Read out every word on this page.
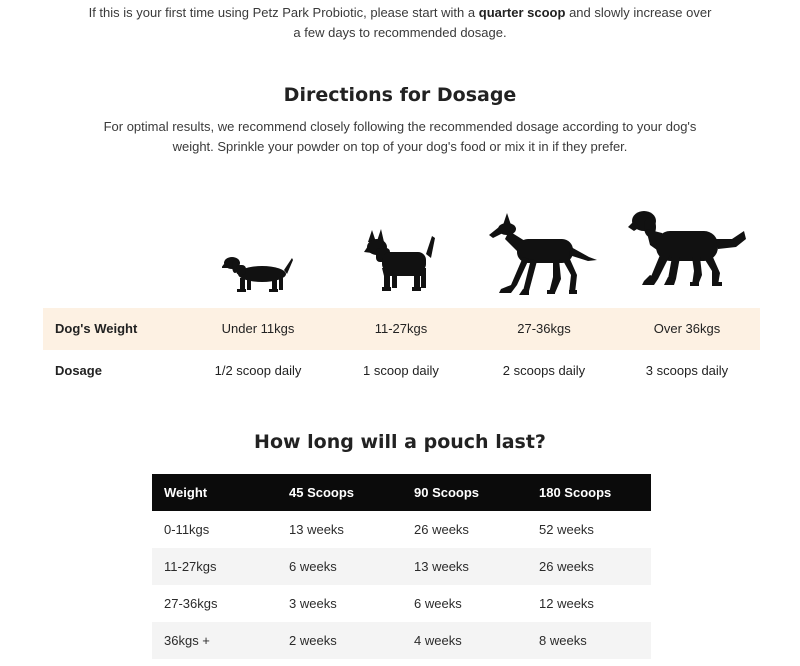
If this is your first time using Petz Park Probiotic, please start with a quarter scoop and slowly increase over

a few days to recommended dosage.

Directions for Dosage

For optimal results, we recommend closely following the recommended dosage according to your dog's

weight. Sprinkle your powder on top of your dog's food or mix it in if they prefer.

Dog's Weight	Under 11kgs	11-27kgs	27-36kgs	Over 36kgs
Dosage	1/2 scoop daily	1 scoop daily	2 scoops daily	3 scoops daily
How long will a pouch last?
Weight	45 Scoops	90 Scoops	180 Scoops
0-11kgs	13 weeks	26 weeks	52 weeks
11-27kgs	6 weeks	13 weeks	26 weeks
27-36kgs	3 weeks	6 weeks	12 weeks
36kgs +	2 weeks	4 weeks	8 weeks
